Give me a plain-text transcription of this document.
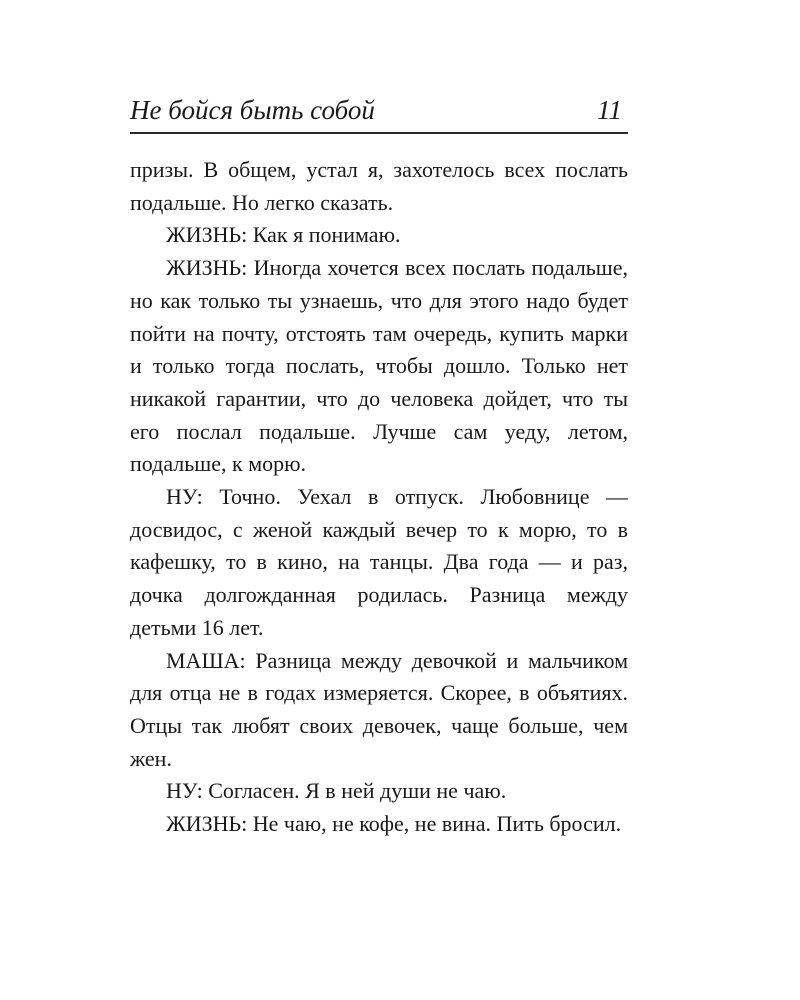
Не бойся быть собой	11

призы. В общем, устал я, захотелось всех послать подальше. Но легко сказать.

ЖИЗНЬ: Как я понимаю.

ЖИЗНЬ: Иногда хочется всех послать подальше, но как только ты узнаешь, что для этого надо будет пойти на почту, отстоять там очередь, купить марки и только тогда послать, чтобы дошло. Только нет никакой гарантии, что до человека дойдет, что ты его послал подальше. Лучше сам уеду, летом, подальше, к морю.

НУ: Точно. Уехал в отпуск. Любовнице — досвидос, с женой каждый вечер то к морю, то в кафешку, то в кино, на танцы. Два года — и раз, дочка долгожданная родилась. Разница между детьми 16 лет.

МАША: Разница между девочкой и мальчиком для отца не в годах измеряется. Скорее, в объятиях. Отцы так любят своих девочек, чаще больше, чем жен.

НУ: Согласен. Я в ней души не чаю.

ЖИЗНЬ: Не чаю, не кофе, не вина. Пить бросил.
